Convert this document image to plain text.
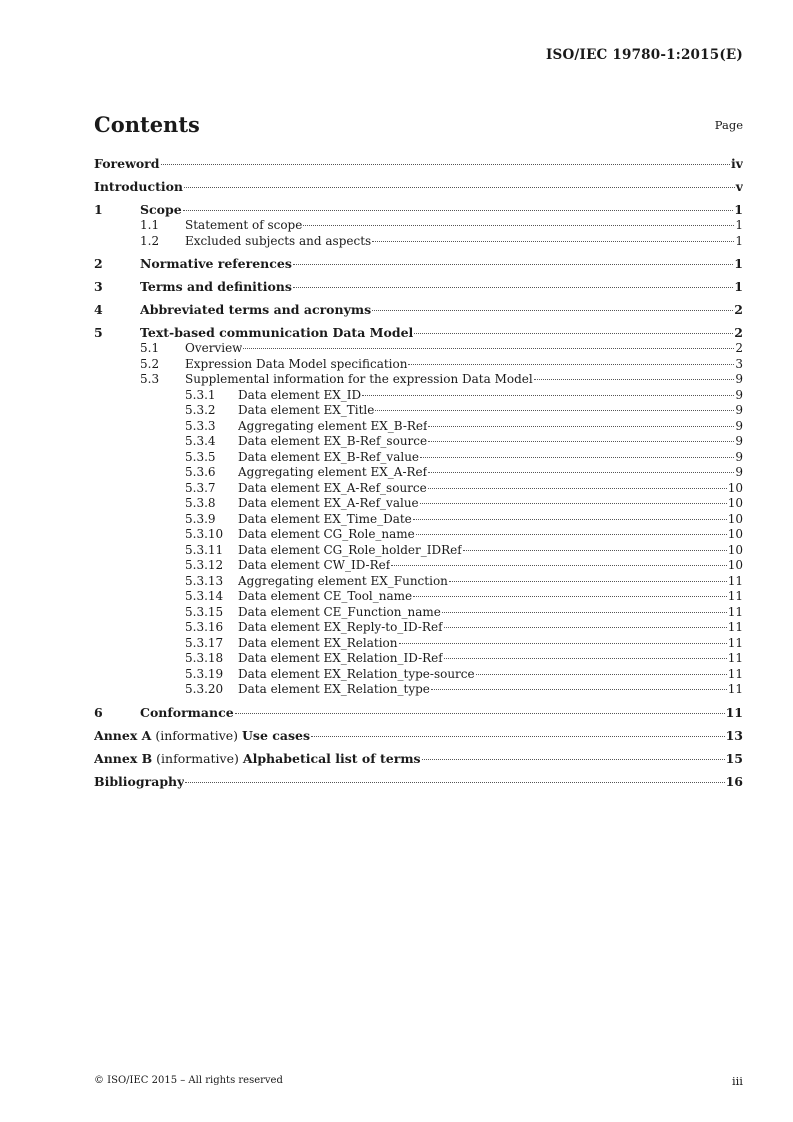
ISO/IEC 19780-1:2015(E)
Contents	Page
Foreword	iv
Introduction	v
1	Scope	1
1.1	Statement of scope	1
1.2	Excluded subjects and aspects	1
2	Normative references	1
3	Terms and definitions	1
4	Abbreviated terms and acronyms	2
5	Text-based communication Data Model	2
5.1	Overview	2
5.2	Expression Data Model specification	3
5.3	Supplemental information for the expression Data Model	9
5.3.1	Data element EX_ID	9
5.3.2	Data element EX_Title	9
5.3.3	Aggregating element EX_B-Ref	9
5.3.4	Data element EX_B-Ref_source	9
5.3.5	Data element EX_B-Ref_value	9
5.3.6	Aggregating element EX_A-Ref	9
5.3.7	Data element EX_A-Ref_source	10
5.3.8	Data element EX_A-Ref_value	10
5.3.9	Data element EX_Time_Date	10
5.3.10	Data element CG_Role_name	10
5.3.11	Data element CG_Role_holder_IDRef	10
5.3.12	Data element CW_ID-Ref	10
5.3.13	Aggregating element EX_Function	11
5.3.14	Data element CE_Tool_name	11
5.3.15	Data element CE_Function_name	11
5.3.16	Data element EX_Reply-to_ID-Ref	11
5.3.17	Data element EX_Relation	11
5.3.18	Data element EX_Relation_ID-Ref	11
5.3.19	Data element EX_Relation_type-source	11
5.3.20	Data element EX_Relation_type	11
6	Conformance	11
Annex A (informative) Use cases	13
Annex B (informative) Alphabetical list of terms	15
Bibliography	16
© ISO/IEC 2015 – All rights reserved	iii
